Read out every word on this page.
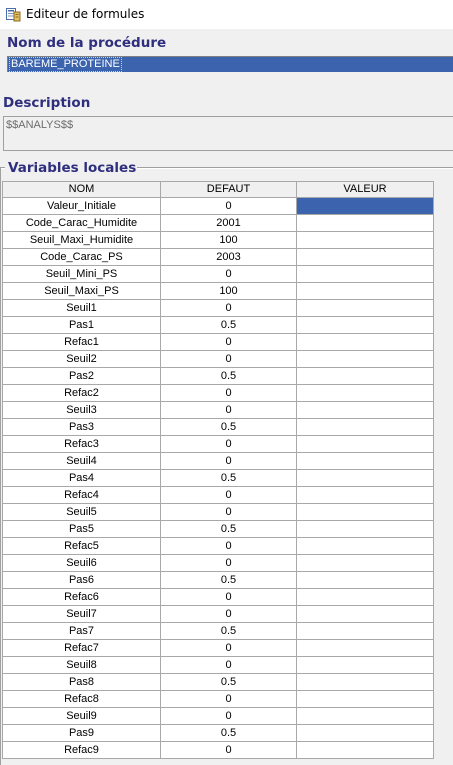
Editeur de formules
Nom de la procédure
BAREME_PROTEINE
Description
$$ANALYS$$
Variables locales
NOM	DEFAUT	VALEUR
Valeur_Initiale	0	
Code_Carac_Humidite	2001	
Seuil_Maxi_Humidite	100	
Code_Carac_PS	2003	
Seuil_Mini_PS	0	
Seuil_Maxi_PS	100	
Seuil1	0	
Pas1	0.5	
Refac1	0	
Seuil2	0	
Pas2	0.5	
Refac2	0	
Seuil3	0	
Pas3	0.5	
Refac3	0	
Seuil4	0	
Pas4	0.5	
Refac4	0	
Seuil5	0	
Pas5	0.5	
Refac5	0	
Seuil6	0	
Pas6	0.5	
Refac6	0	
Seuil7	0	
Pas7	0.5	
Refac7	0	
Seuil8	0	
Pas8	0.5	
Refac8	0	
Seuil9	0	
Pas9	0.5	
Refac9	0	
